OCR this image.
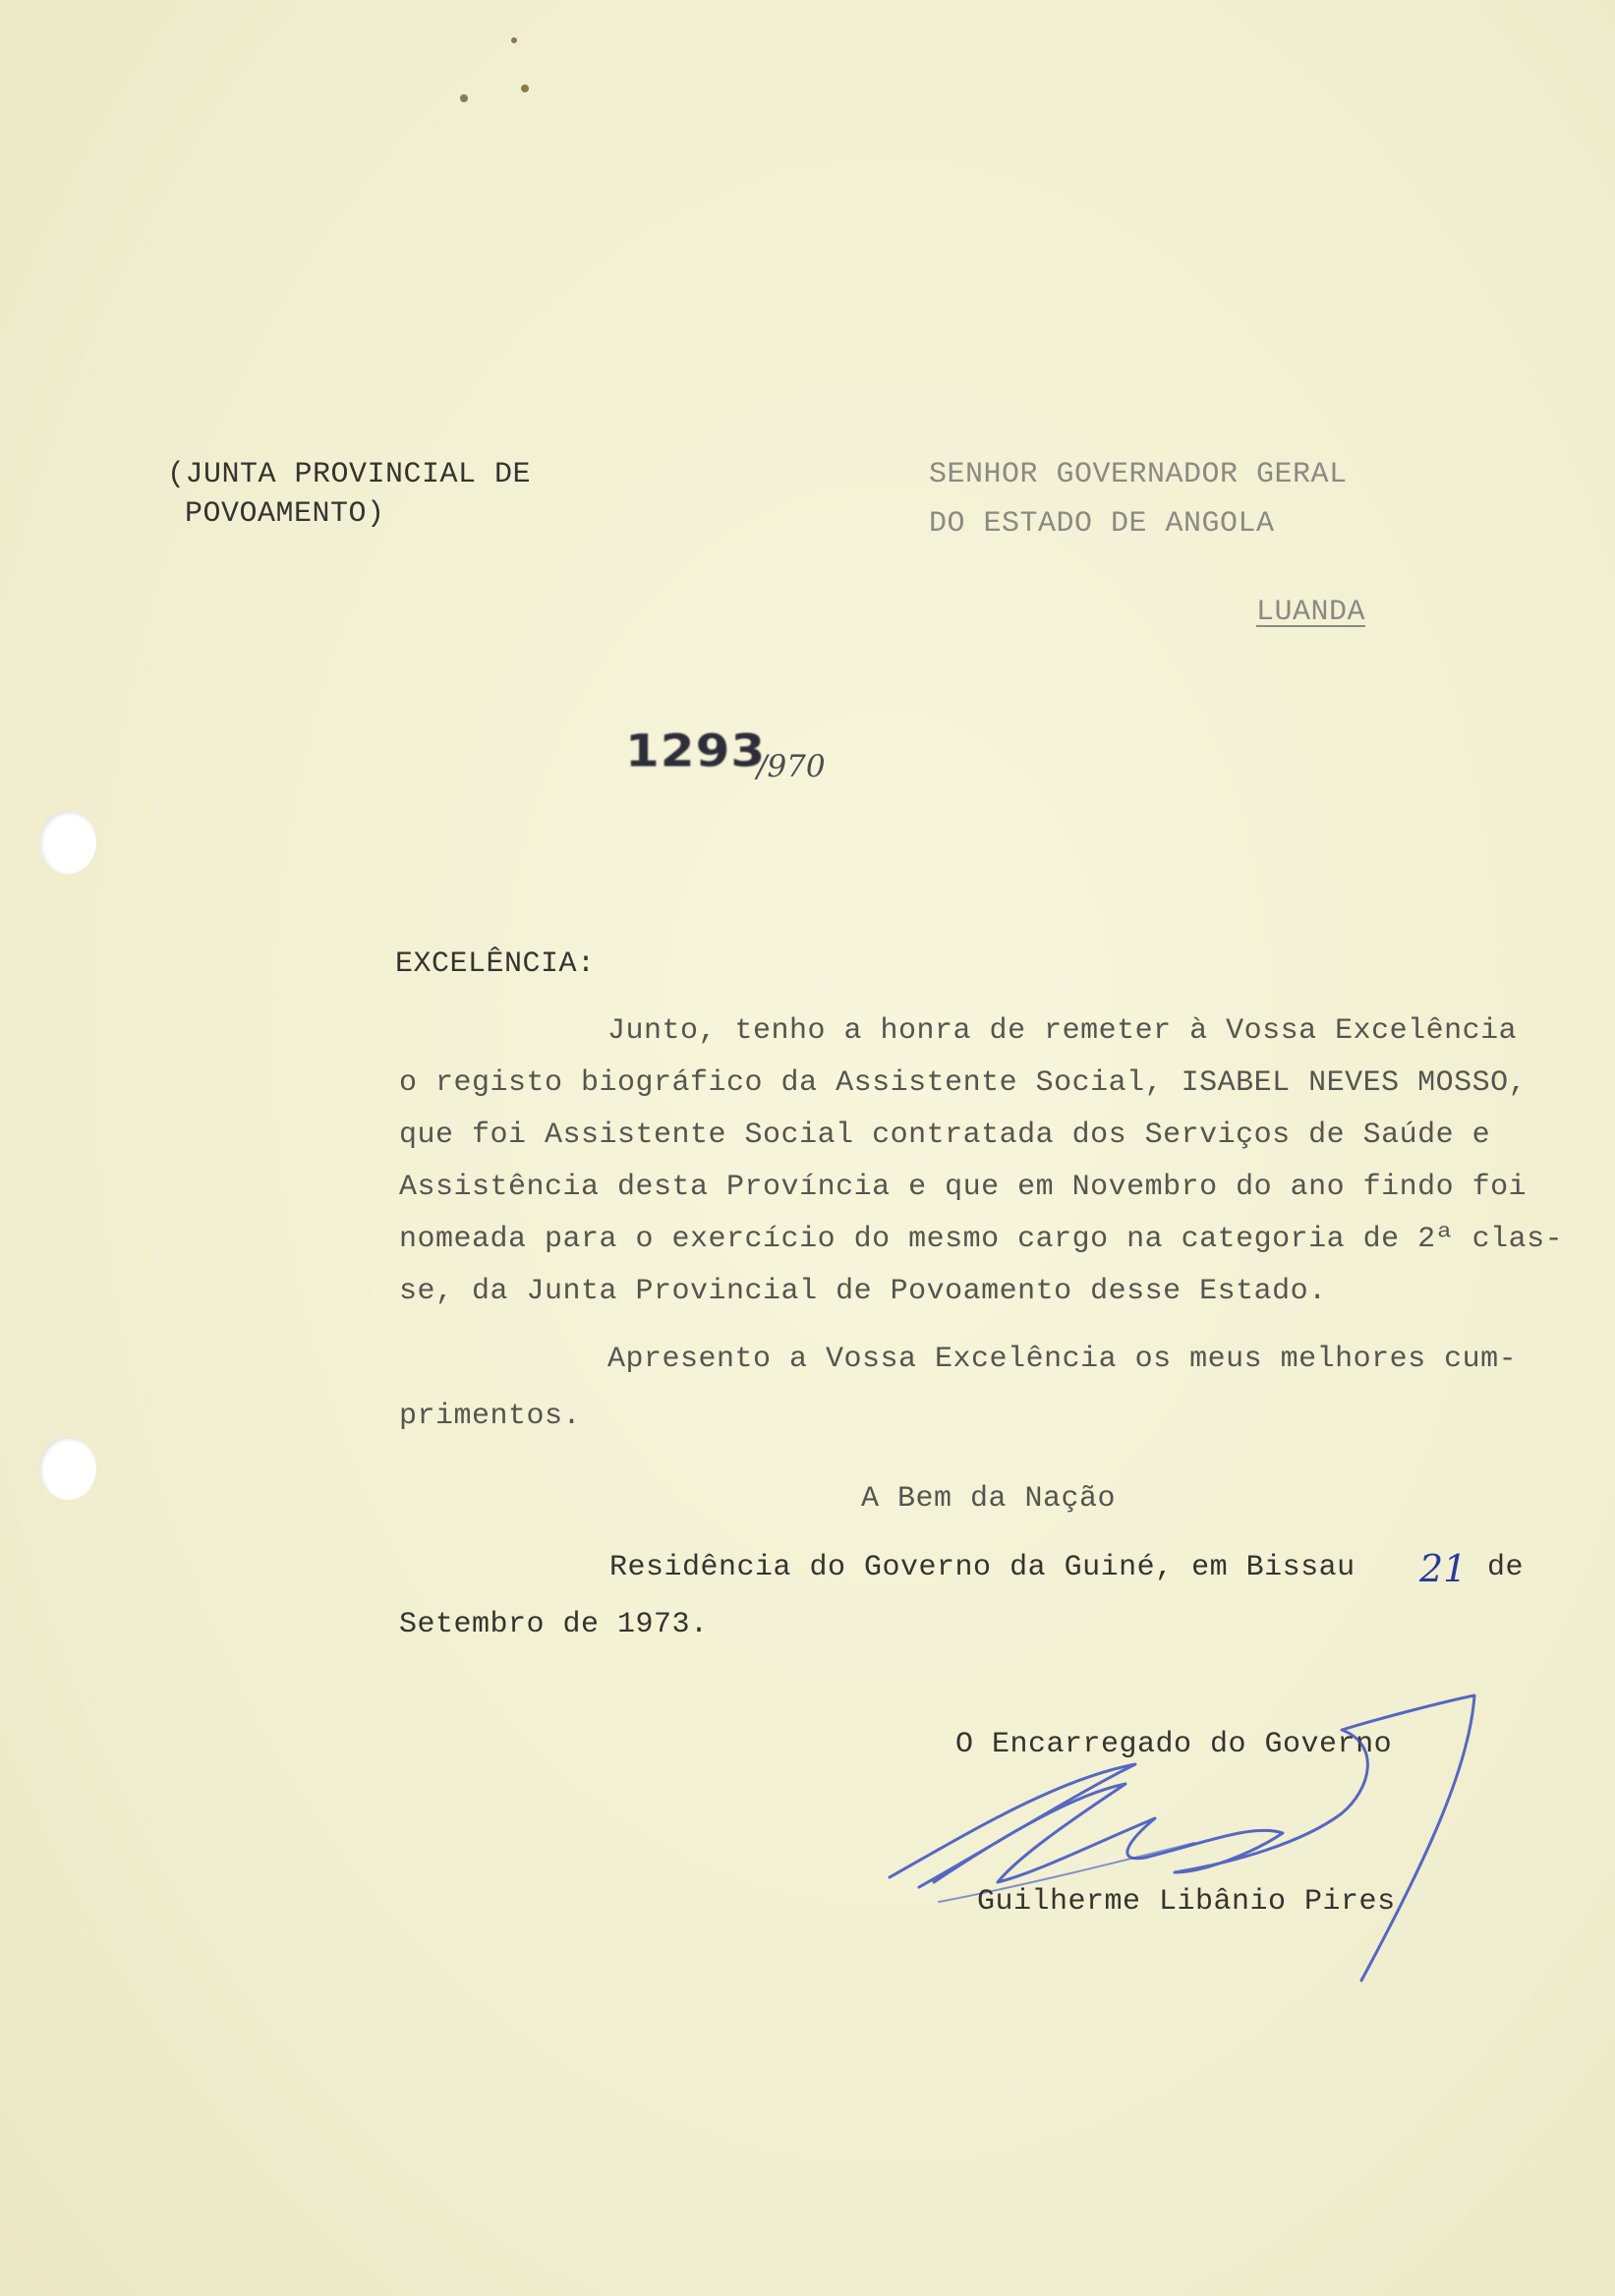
(JUNTA PROVINCIAL DE
POVOAMENTO)
SENHOR GOVERNADOR GERAL
DO ESTADO DE ANGOLA
LUANDA
1293
/970
EXCELÊNCIA:
Junto, tenho a honra de remeter à Vossa Excelência
o registo biográfico da Assistente Social, ISABEL NEVES MOSSO,
que foi Assistente Social contratada dos Serviços de Saúde e
Assistência desta Província e que em Novembro do ano findo foi
nomeada para o exercício do mesmo cargo na categoria de 2ª clas-
se, da Junta Provincial de Povoamento desse Estado.
Apresento a Vossa Excelência os meus melhores cum-
primentos.
A Bem da Nação
Residência do Governo da Guiné, em Bissau 21 de
Setembro de 1973.
O Encarregado do Governo
Guilherme Libânio Pires
